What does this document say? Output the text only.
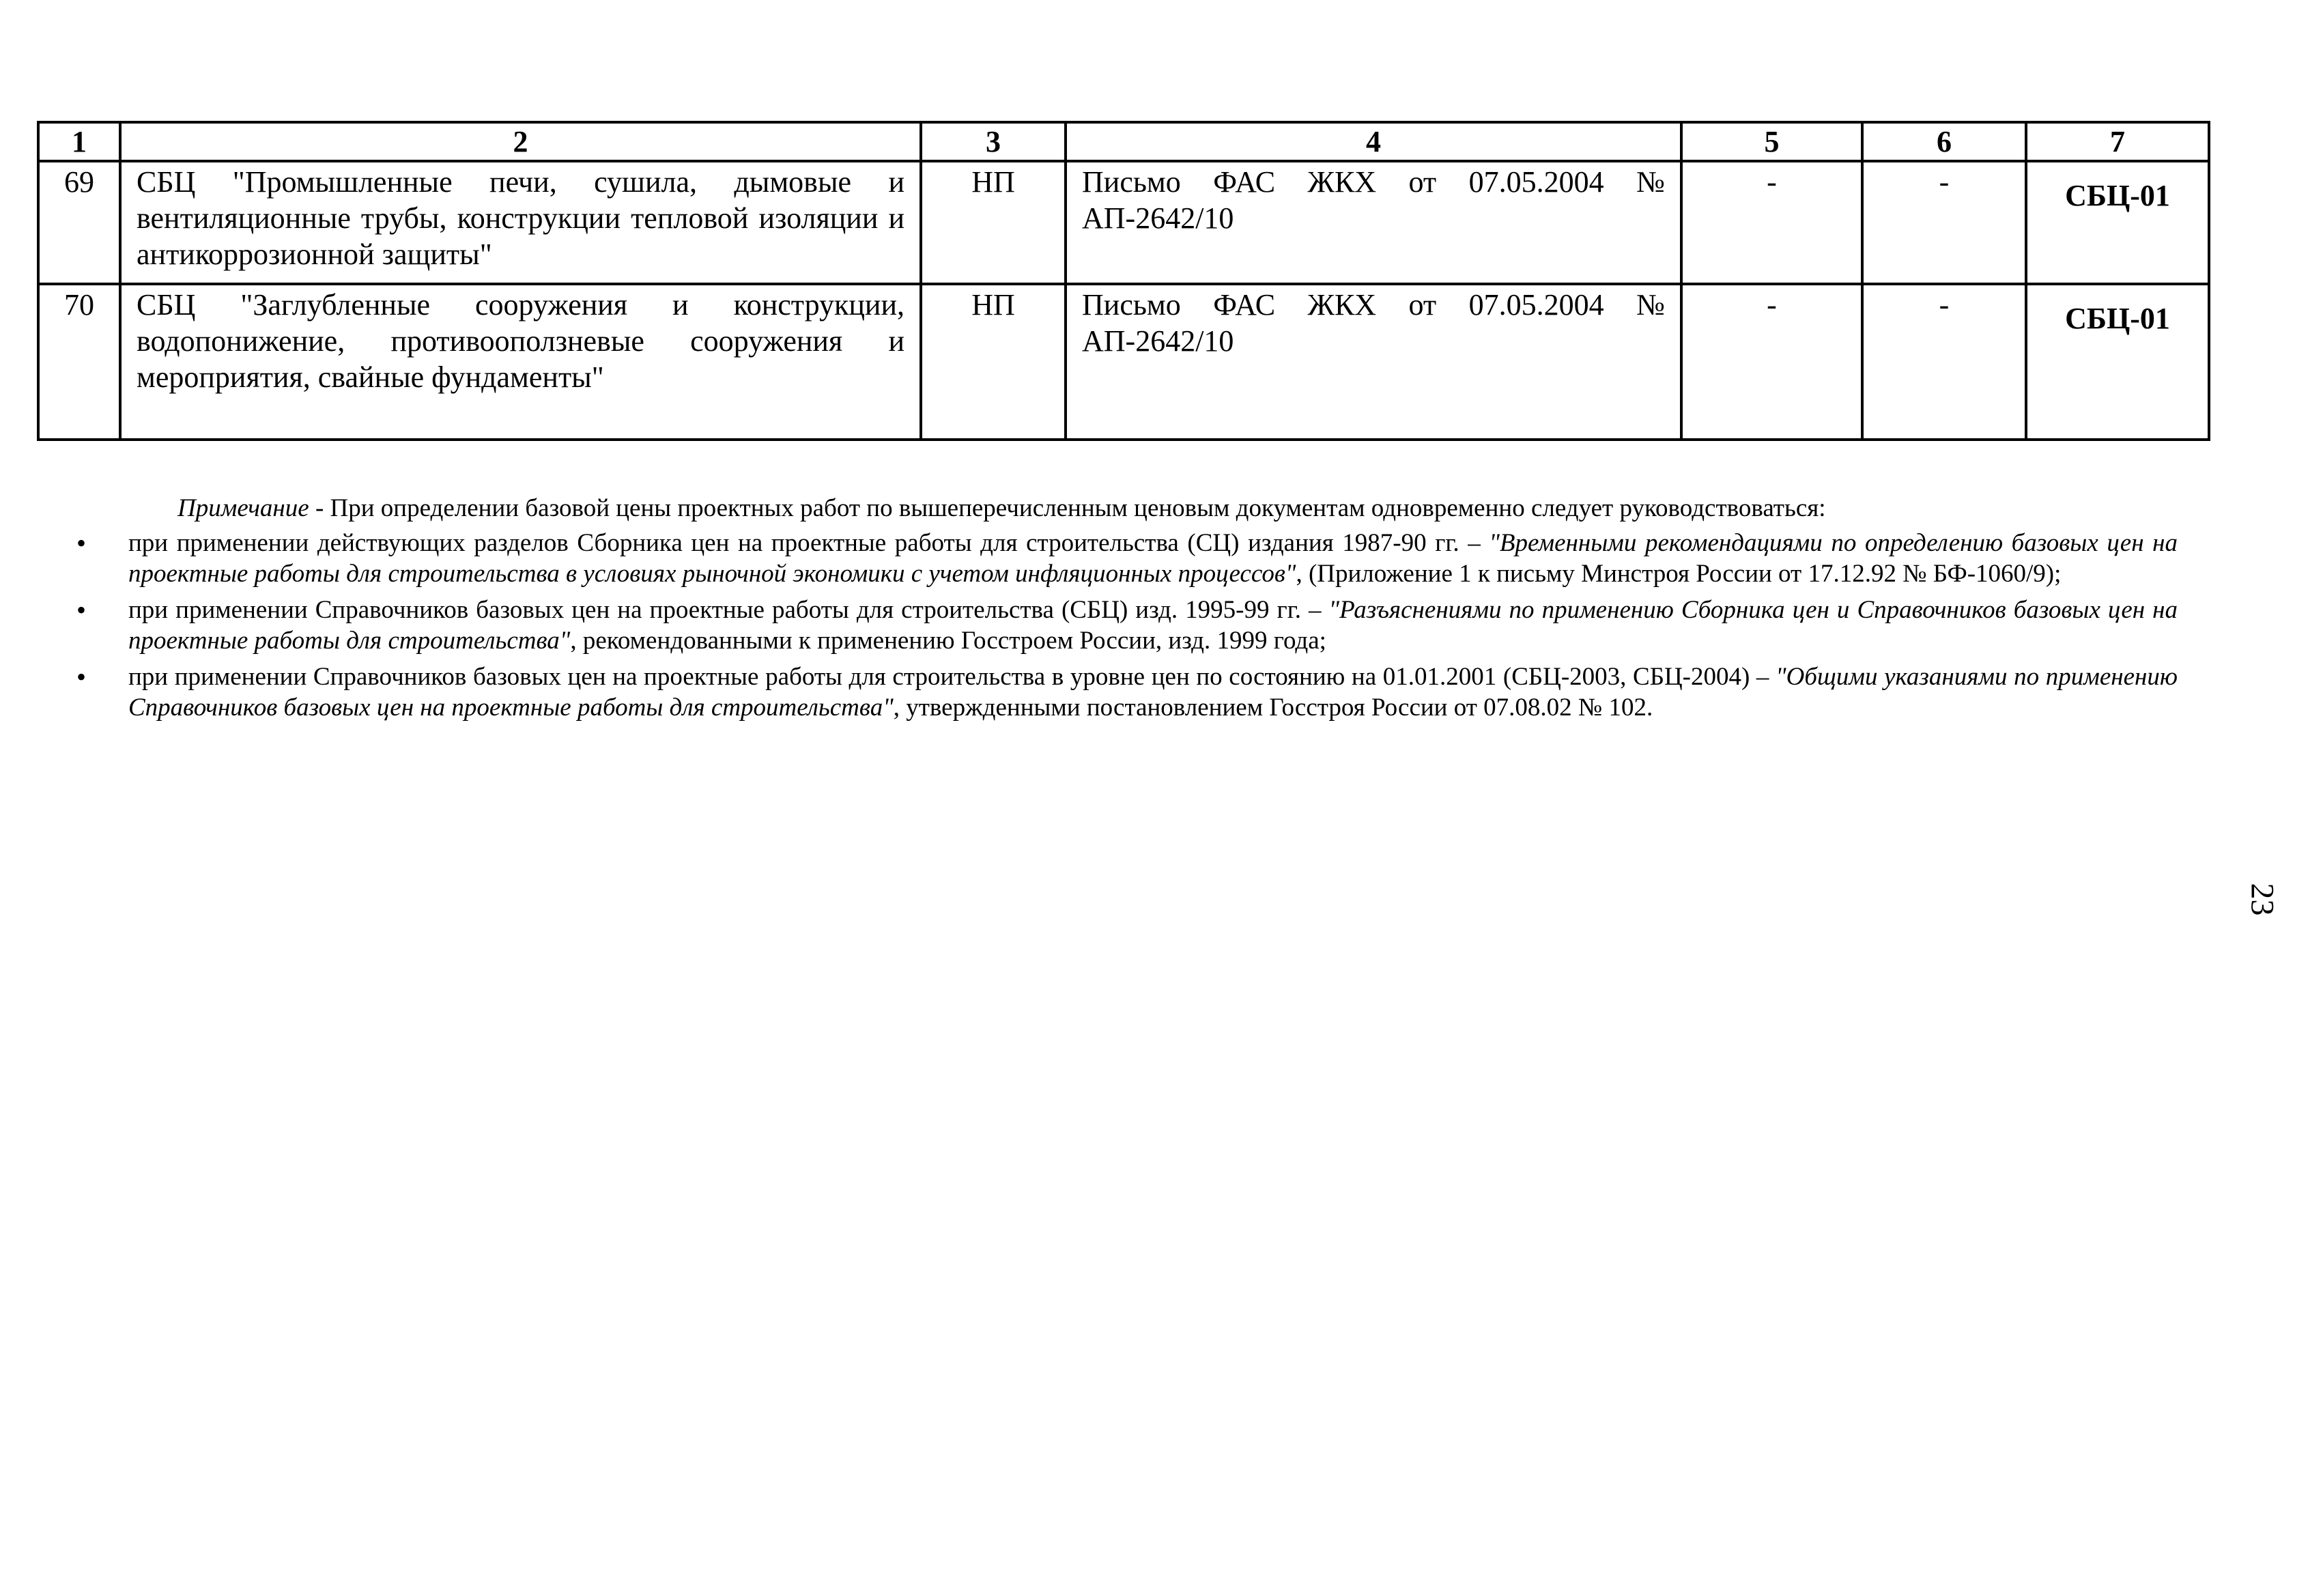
1	2	3	4	5	6	7
69	СБЦ "Промышленные печи, сушила, дымовые и вентиляционные трубы, конструкции тепловой изоляции и антикоррозионной защиты"	НП	Письмо ФАС ЖКХ от 07.05.2004 № АП-2642/10	-	-	СБЦ-01
70	СБЦ "Заглубленные сооружения и конструкции, водопонижение, противооползневые сооружения и мероприятия, свайные фундаменты"	НП	Письмо ФАС ЖКХ от 07.05.2004 № АП-2642/10	-	-	СБЦ-01

Примечание - При определении базовой цены проектных работ по вышеперечисленным ценовым документам одновременно следует руководствоваться:

• при применении действующих разделов Сборника цен на проектные работы для строительства (СЦ) издания 1987-90 гг. – "Временными рекомендациями по определению базовых цен на проектные работы для строительства в условиях рыночной экономики с учетом инфляционных процессов", (Приложение 1 к письму Минстроя России от 17.12.92 № БФ-1060/9);

• при применении Справочников базовых цен на проектные работы для строительства (СБЦ) изд. 1995-99 гг. – "Разъяснениями по применению Сборника цен и Справочников базовых цен на проектные работы для строительства", рекомендованными к применению Госстроем России, изд. 1999 года;

• при применении Справочников базовых цен на проектные работы для строительства в уровне цен по состоянию на 01.01.2001 (СБЦ-2003, СБЦ-2004) – "Общими указаниями по применению Справочников базовых цен на проектные работы для строительства", утвержденными постановлением Госстроя России от 07.08.02 № 102.

23
